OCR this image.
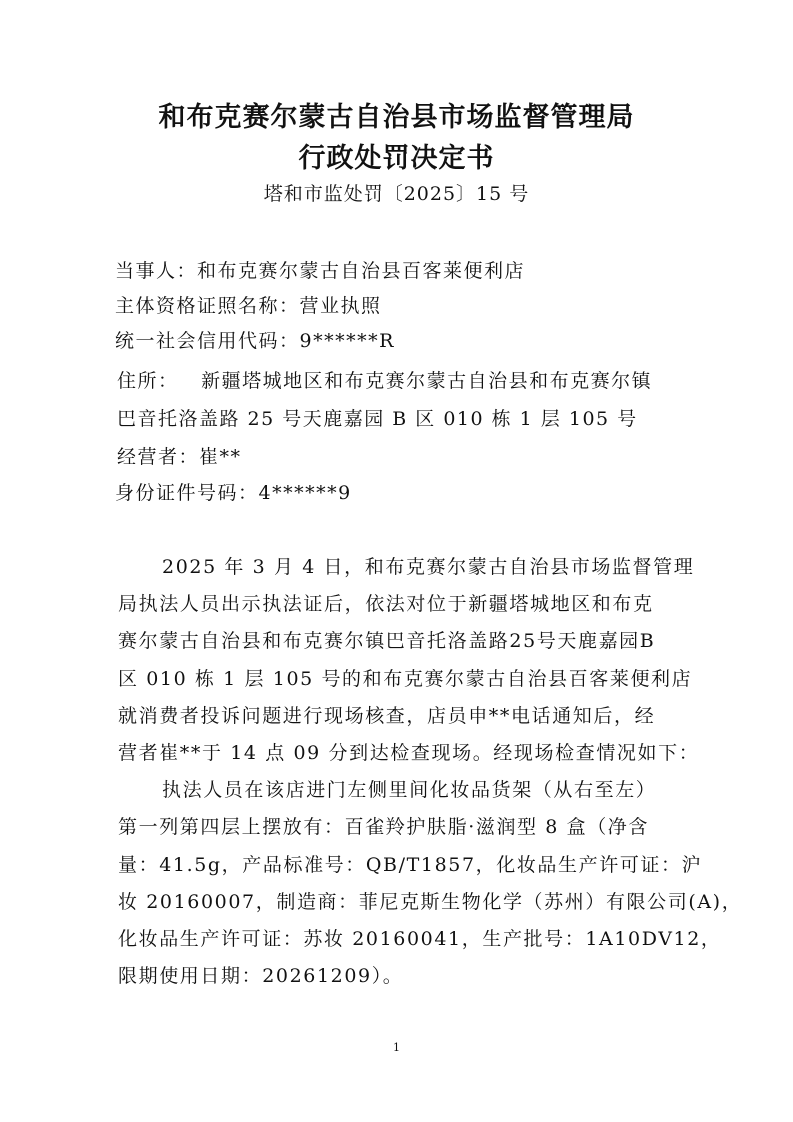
和布克赛尔蒙古自治县市场监督管理局
行政处罚决定书
塔和市监处罚〔2025〕15 号
当事人：和布克赛尔蒙古自治县百客莱便利店
主体资格证照名称：营业执照
统一社会信用代码：9******R
住所：   新疆塔城地区和布克赛尔蒙古自治县和布克赛尔镇
巴音托洛盖路 25 号天鹿嘉园 B 区 010 栋 1 层 105 号
经营者：崔**
身份证件号码：4******9
2025 年 3 月 4 日，和布克赛尔蒙古自治县市场监督管理
局执法人员出示执法证后，依法对位于新疆塔城地区和布克
赛尔蒙古自治县和布克赛尔镇巴音托洛盖路25号天鹿嘉园B
区 010 栋 1 层 105 号的和布克赛尔蒙古自治县百客莱便利店
就消费者投诉问题进行现场核查，店员申**电话通知后，经
营者崔**于 14 点 09 分到达检查现场。经现场检查情况如下：
执法人员在该店进门左侧里间化妆品货架（从右至左）
第一列第四层上摆放有：百雀羚护肤脂·滋润型 8 盒（净含
量：41.5g，产品标准号：QB/T1857，化妆品生产许可证：沪
妆 20160007，制造商：菲尼克斯生物化学（苏州）有限公司(A)，
化妆品生产许可证：苏妆 20160041，生产批号：1A10DV12，
限期使用日期：20261209）。
1
